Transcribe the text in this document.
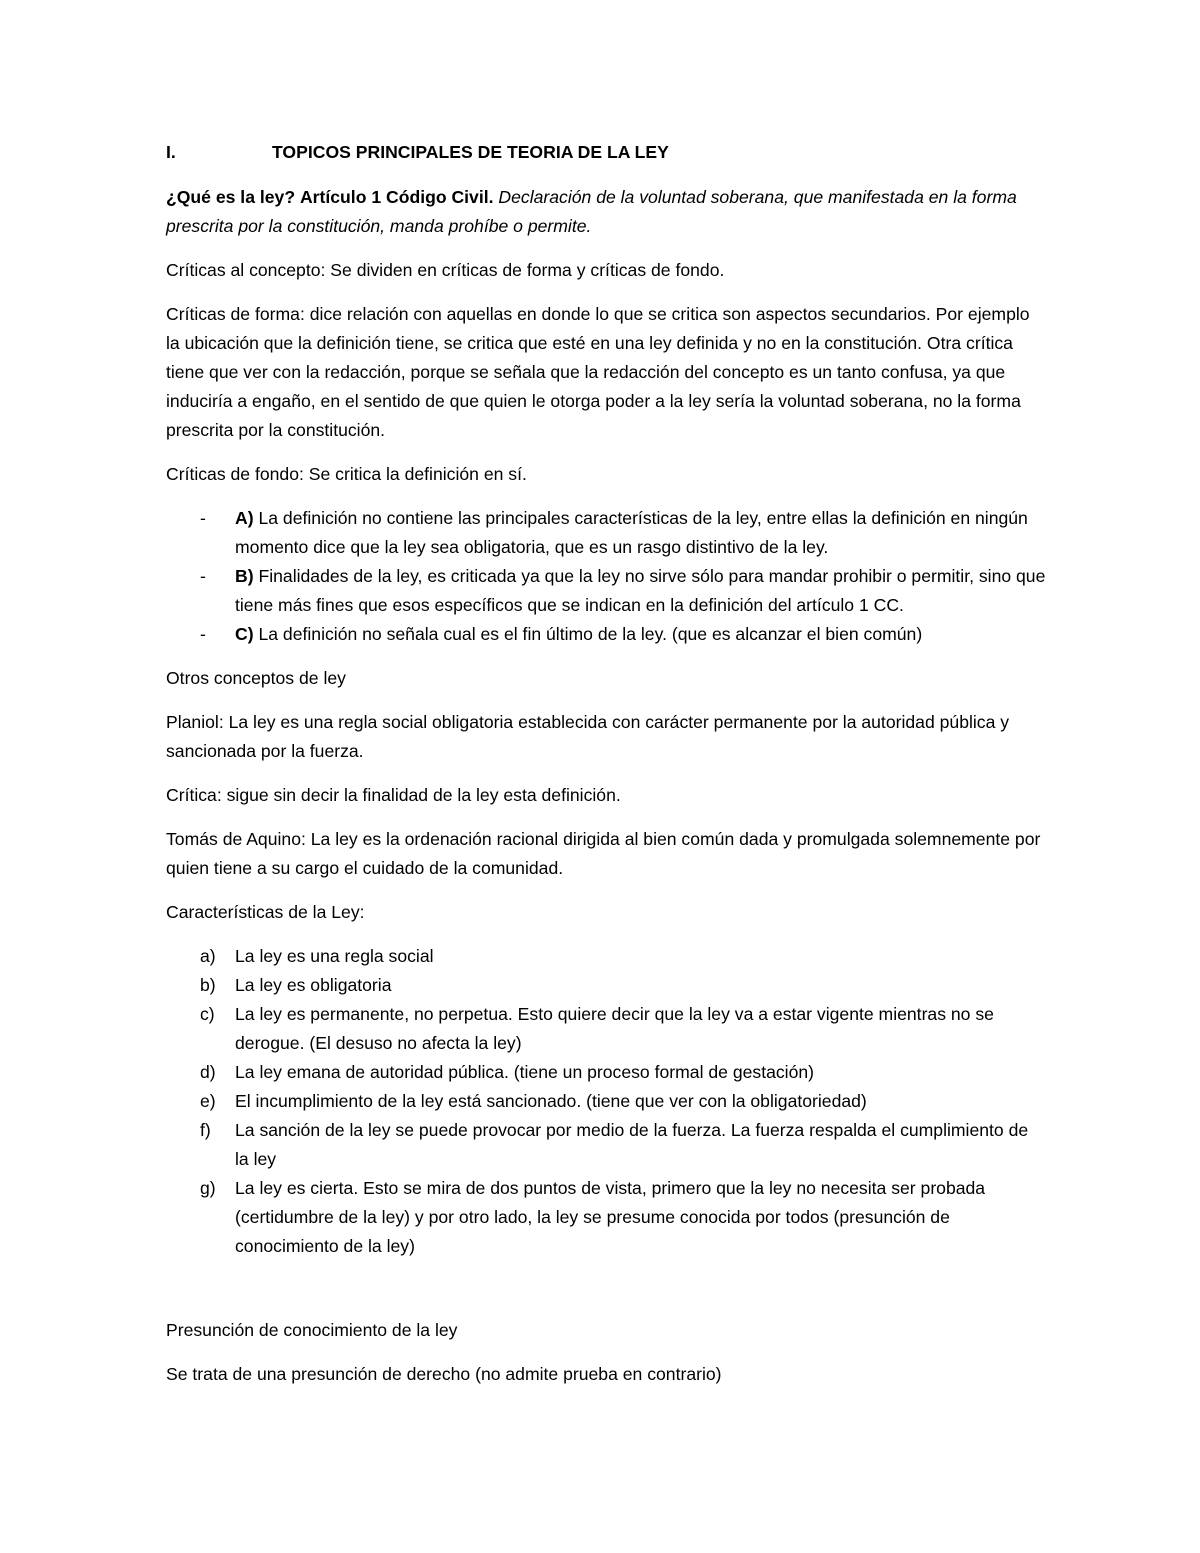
I.	TOPICOS PRINCIPALES DE TEORIA DE LA LEY

¿Qué es la ley? Artículo 1 Código Civil. Declaración de la voluntad soberana, que manifestada en la forma prescrita por la constitución, manda prohíbe o permite.

Críticas al concepto: Se dividen en críticas de forma y críticas de fondo.

Críticas de forma: dice relación con aquellas en donde lo que se critica son aspectos secundarios. Por ejemplo la ubicación que la definición tiene, se critica que esté en una ley definida y no en la constitución. Otra crítica tiene que ver con la redacción, porque se señala que la redacción del concepto es un tanto confusa, ya que induciría a engaño, en el sentido de que quien le otorga poder a la ley sería la voluntad soberana, no la forma prescrita por la constitución.

Críticas de fondo: Se critica la definición en sí.

-	A) La definición no contiene las principales características de la ley, entre ellas la definición en ningún momento dice que la ley sea obligatoria, que es un rasgo distintivo de la ley.
-	B) Finalidades de la ley, es criticada ya que la ley no sirve sólo para mandar prohibir o permitir, sino que tiene más fines que esos específicos que se indican en la definición del artículo 1 CC.
-	C) La definición no señala cual es el fin último de la ley. (que es alcanzar el bien común)

Otros conceptos de ley

Planiol: La ley es una regla social obligatoria establecida con carácter permanente por la autoridad pública y sancionada por la fuerza.

Crítica: sigue sin decir la finalidad de la ley esta definición.

Tomás de Aquino: La ley es la ordenación racional dirigida al bien común dada y promulgada solemnemente por quien tiene a su cargo el cuidado de la comunidad.

Características de la Ley:

a)	La ley es una regla social
b)	La ley es obligatoria
c)	La ley es permanente, no perpetua. Esto quiere decir que la ley va a estar vigente mientras no se derogue. (El desuso no afecta la ley)
d)	La ley emana de autoridad pública. (tiene un proceso formal de gestación)
e)	El incumplimiento de la ley está sancionado. (tiene que ver con la obligatoriedad)
f)	La sanción de la ley se puede provocar por medio de la fuerza. La fuerza respalda el cumplimiento de la ley
g)	La ley es cierta. Esto se mira de dos puntos de vista, primero que la ley no necesita ser probada (certidumbre de la ley) y por otro lado, la ley se presume conocida por todos (presunción de conocimiento de la ley)

Presunción de conocimiento de la ley

Se trata de una presunción de derecho (no admite prueba en contrario)
